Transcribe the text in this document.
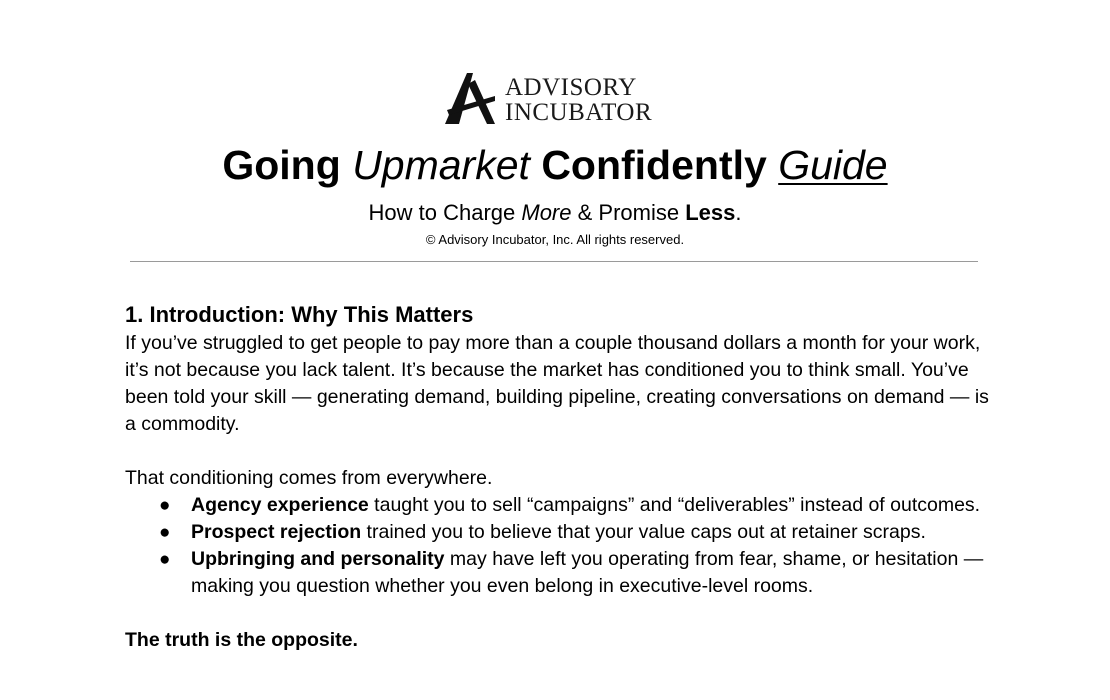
ADVISORY
INCUBATOR
Going Upmarket Confidently Guide
How to Charge More & Promise Less.
© Advisory Incubator, Inc. All rights reserved.
1. Introduction: Why This Matters

If you’ve struggled to get people to pay more than a couple thousand dollars a month for your work, it’s not because you lack talent. It’s because the market has conditioned you to think small. You’ve been told your skill — generating demand, building pipeline, creating conversations on demand — is a commodity.

That conditioning comes from everywhere.

● Agency experience taught you to sell “campaigns” and “deliverables” instead of outcomes.
● Prospect rejection trained you to believe that your value caps out at retainer scraps.
● Upbringing and personality may have left you operating from fear, shame, or hesitation — making you question whether you even belong in executive-level rooms.

The truth is the opposite.
